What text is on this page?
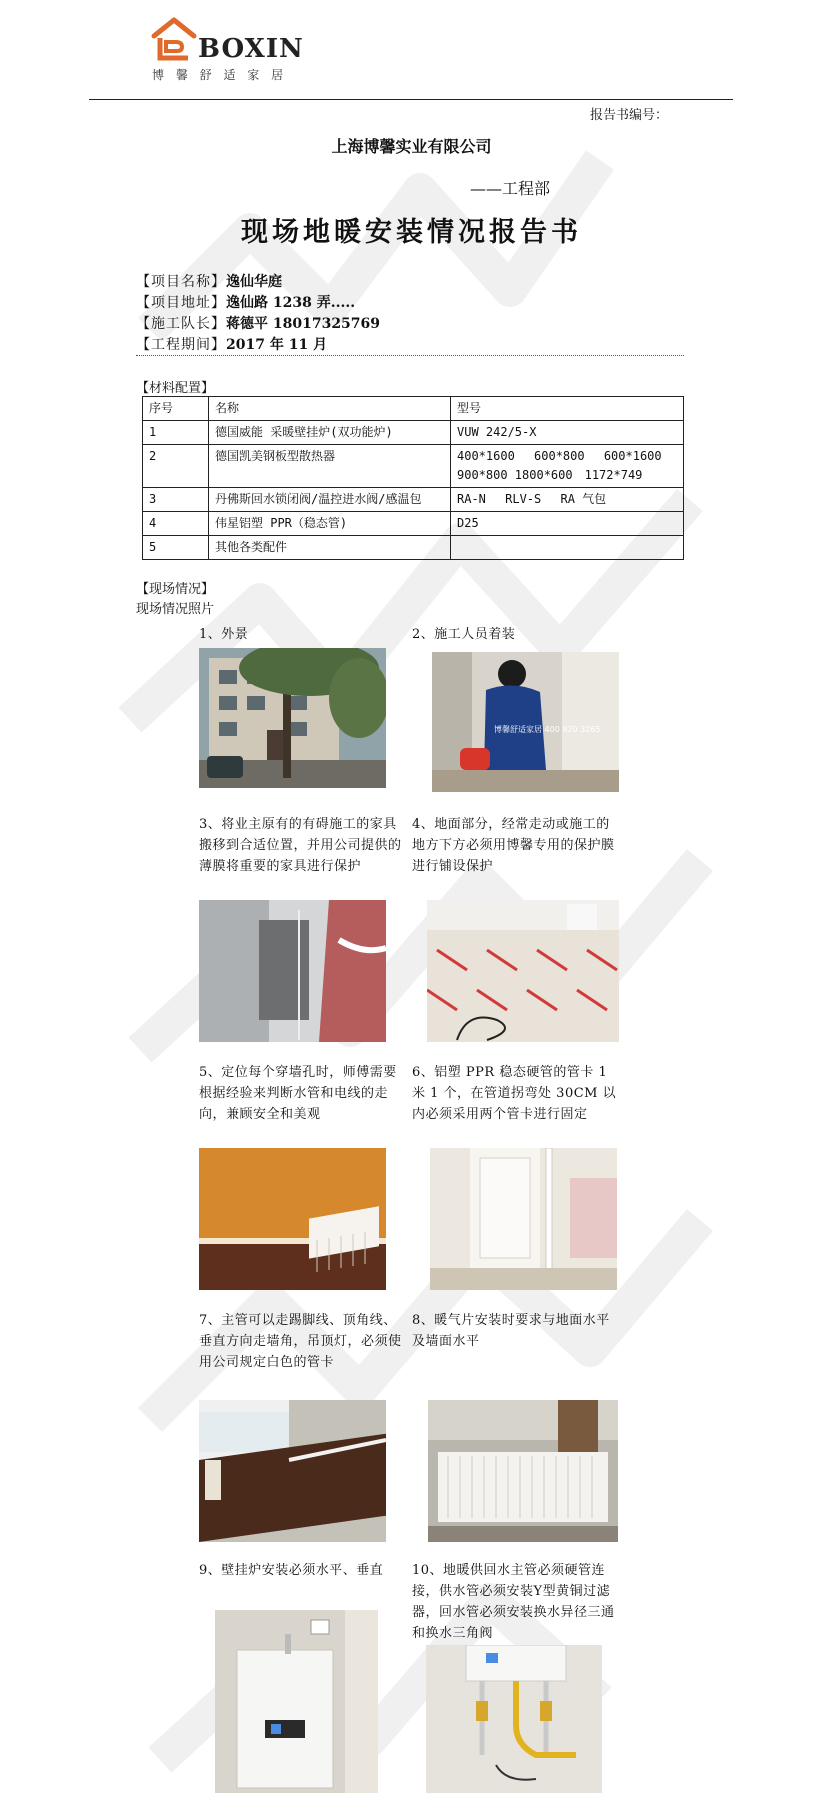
BOXIN
博 馨 舒 适 家 居
报告书编号：
上海博馨实业有限公司
——工程部
现场地暖安装情况报告书
【项目名称】逸仙华庭
【项目地址】逸仙路 1238 弄.....
【施工队长】蒋德平 18017325769
【工程期间】2017 年 11 月
【材料配置】
序号	名称	型号
1	德国威能 采暖壁挂炉(双功能炉)	VUW 242/5-X
2	德国凯美钢板型散热器	400*1600　 600*800　 600*1600 900*800 1800*600　1172*749
3	丹佛斯回水锁闭阀/温控进水阀/感温包	RA-N　 RLV-S　 RA 气包
4	伟星铝塑 PPR（稳态管)	D25
5	其他各类配件	
【现场情况】
现场情况照片
1、外景	2、施工人员着装
3、将业主原有的有碍施工的家具搬移到合适位置，并用公司提供的薄膜将重要的家具进行保护
4、地面部分，经常走动或施工的地方下方必须用博馨专用的保护膜进行铺设保护
5、定位每个穿墙孔时，师傅需要根据经验来判断水管和电线的走向，兼顾安全和美观
6、铝塑 PPR 稳态硬管的管卡 1 米 1 个，在管道拐弯处 30CM 以内必须采用两个管卡进行固定
7、主管可以走踢脚线、顶角线、垂直方向走墙角，吊顶灯，必须使用公司规定白色的管卡
8、暖气片安装时要求与地面水平及墙面水平
9、壁挂炉安装必须水平、垂直	10、地暖供回水主管必须硬管连接，供水管必须安装Y型黄铜过滤器，回水管必须安装换水异径三通和换水三角阀
博馨舒适家居 400 820 3265
